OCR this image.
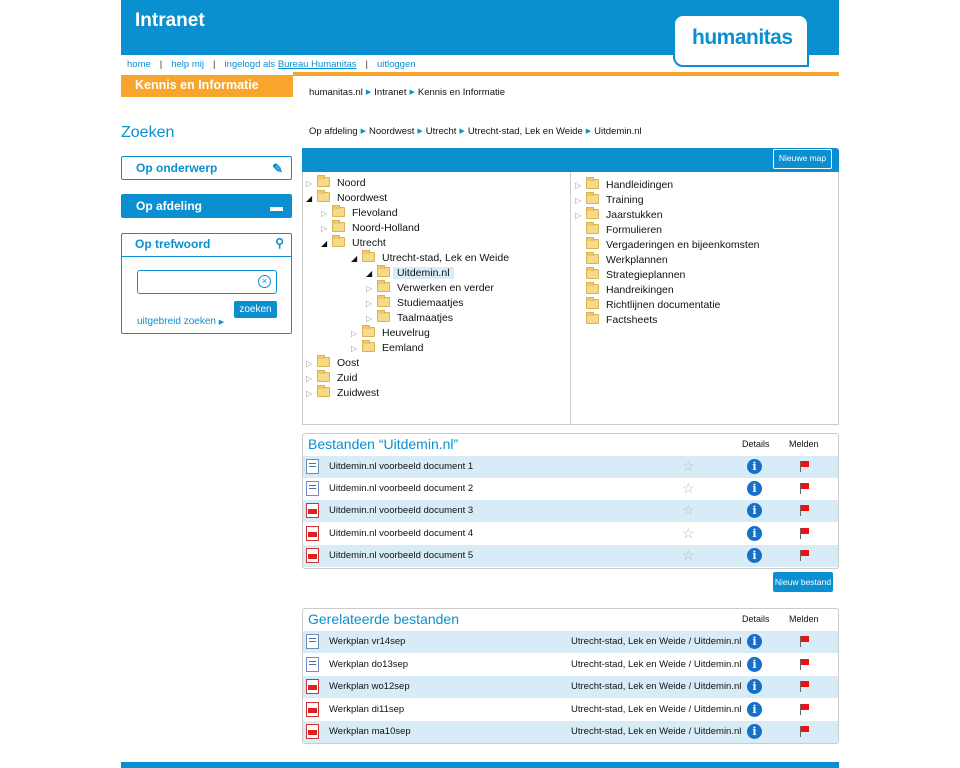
Intranet
humanitas
home | help mij | ingelogd als Bureau Humanitas | uitloggen
Kennis en Informatie
humanitas.nl ▶ Intranet ▶ Kennis en Informatie
Zoeken
Op onderwerp	✎
Op afdeling	▬
Op trefwoord	⚲
×
zoeken
uitgebreid zoeken ▶
Op afdeling ▶ Noordwest ▶ Utrecht ▶ Utrecht-stad, Lek en Weide ▶ Uitdemin.nl
Nieuwe map
▷ Noord
◢ Noordwest
▷ Flevoland
▷ Noord-Holland
◢ Utrecht
◢ Utrecht-stad, Lek en Weide
◢ Uitdemin.nl
▷ Verwerken en verder
▷ Studiemaatjes
▷ Taalmaatjes
▷ Heuvelrug
▷ Eemland
▷ Oost
▷ Zuid
▷ Zuidwest
▷ Handleidingen
▷ Training
▷ Jaarstukken
Formulieren
Vergaderingen en bijeenkomsten
Werkplannen
Strategieplannen
Handreikingen
Richtlijnen documentatie
Factsheets
Bestanden “Uitdemin.nl”	Details Melden
Uitdemin.nl voorbeeld document 1	☆	i
Uitdemin.nl voorbeeld document 2	☆	i
Uitdemin.nl voorbeeld document 3	☆	i
Uitdemin.nl voorbeeld document 4	☆	i
Uitdemin.nl voorbeeld document 5	☆	i
Nieuw bestand
Gerelateerde bestanden	Details Melden
Werkplan vr14sep	Utrecht-stad, Lek en Weide / Uitdemin.nl	i
Werkplan do13sep	Utrecht-stad, Lek en Weide / Uitdemin.nl	i
Werkplan wo12sep	Utrecht-stad, Lek en Weide / Uitdemin.nl	i
Werkplan di11sep	Utrecht-stad, Lek en Weide / Uitdemin.nl	i
Werkplan ma10sep	Utrecht-stad, Lek en Weide / Uitdemin.nl	i
